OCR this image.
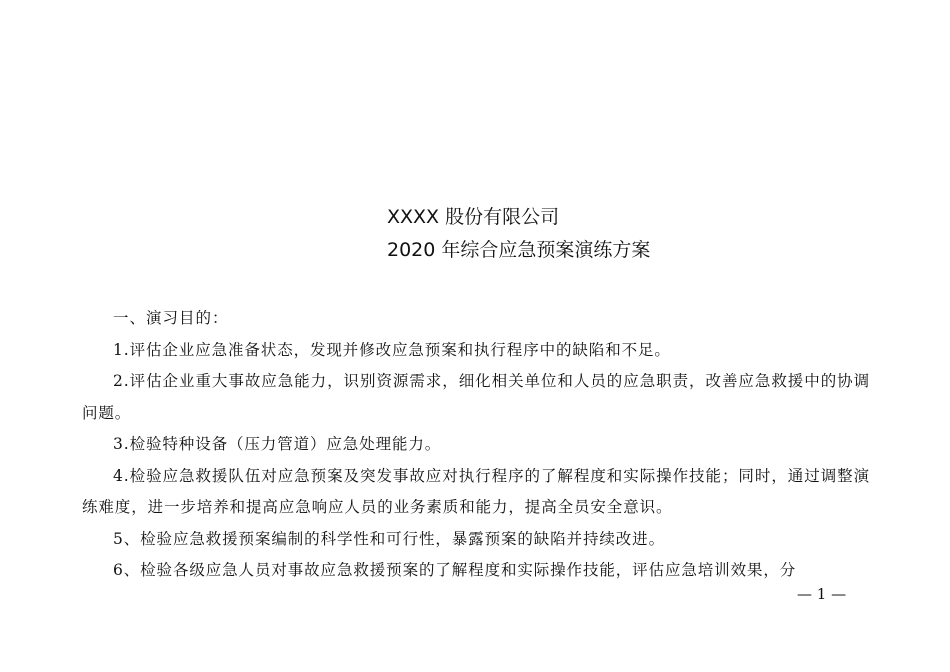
XXXX 股份有限公司
2020 年综合应急预案演练方案

一、演习目的：

1.评估企业应急准备状态，发现并修改应急预案和执行程序中的缺陷和不足。

2.评估企业重大事故应急能力，识别资源需求，细化相关单位和人员的应急职责，改善应急救援中的协调问题。

3.检验特种设备（压力管道）应急处理能力。

4.检验应急救援队伍对应急预案及突发事故应对执行程序的了解程度和实际操作技能；同时，通过调整演练难度，进一步培养和提高应急响应人员的业务素质和能力，提高全员安全意识。

5、检验应急救援预案编制的科学性和可行性，暴露预案的缺陷并持续改进。

6、检验各级应急人员对事故应急救援预案的了解程度和实际操作技能，评估应急培训效果，分

— 1 —
